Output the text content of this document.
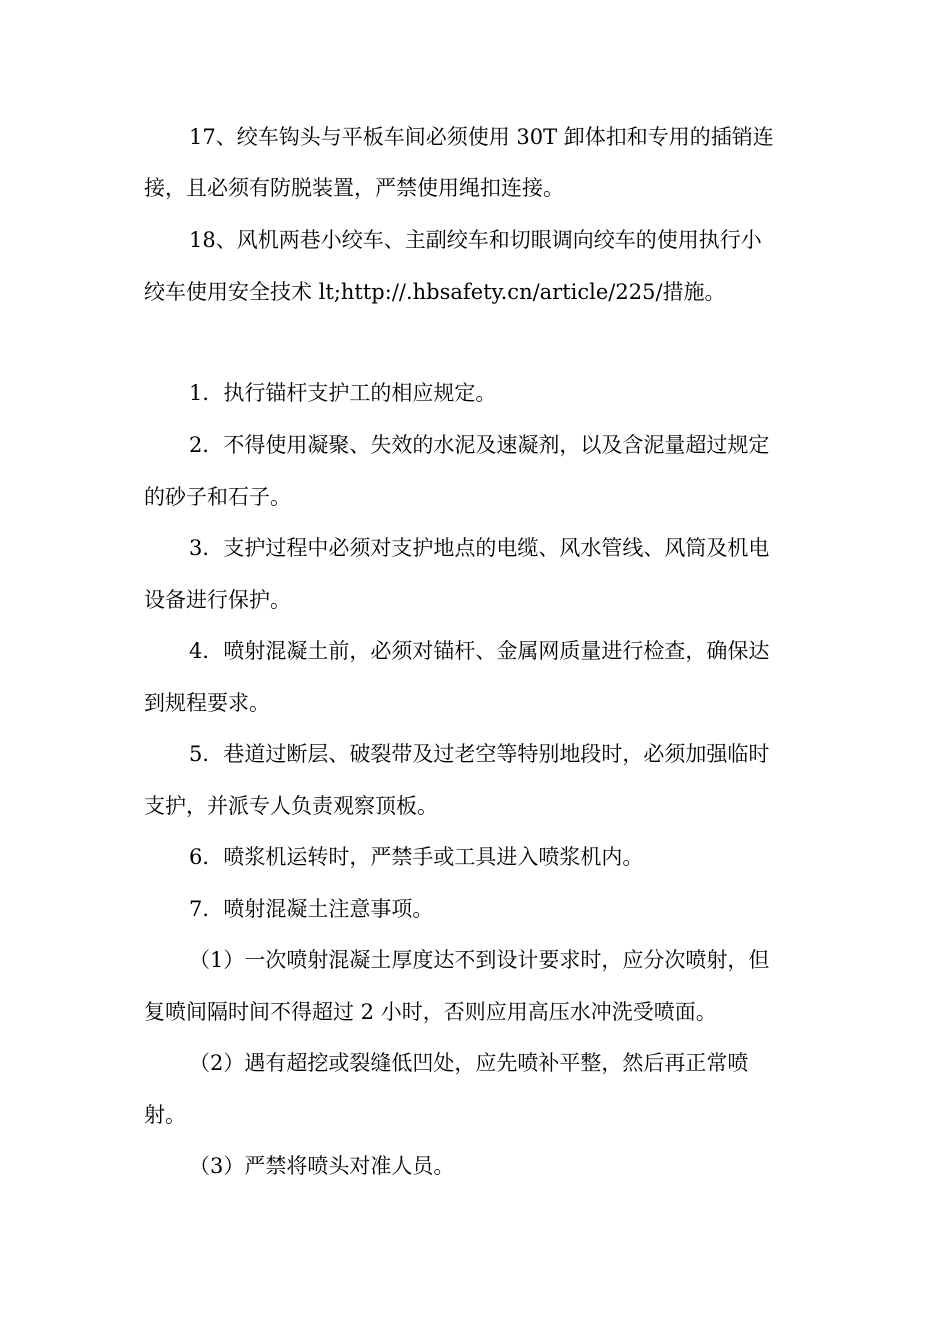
17、绞车钩头与平板车间必须使用 30T 卸体扣和专用的插销连
接，且必须有防脱装置，严禁使用绳扣连接。
18、风机两巷小绞车、主副绞车和切眼调向绞车的使用执行小
绞车使用安全技术 lt;http://.hbsafety.cn/article/225/措施。
1．执行锚杆支护工的相应规定。
2．不得使用凝聚、失效的水泥及速凝剂，以及含泥量超过规定
的砂子和石子。
3．支护过程中必须对支护地点的电缆、风水管线、风筒及机电
设备进行保护。
4．喷射混凝土前，必须对锚杆、金属网质量进行检查，确保达
到规程要求。
5．巷道过断层、破裂带及过老空等特别地段时，必须加强临时
支护，并派专人负责观察顶板。
6．喷浆机运转时，严禁手或工具进入喷浆机内。
7．喷射混凝土注意事项。
（1）一次喷射混凝土厚度达不到设计要求时，应分次喷射，但
复喷间隔时间不得超过 2 小时，否则应用高压水冲洗受喷面。
（2）遇有超挖或裂缝低凹处，应先喷补平整，然后再正常喷
射。
（3）严禁将喷头对准人员。
